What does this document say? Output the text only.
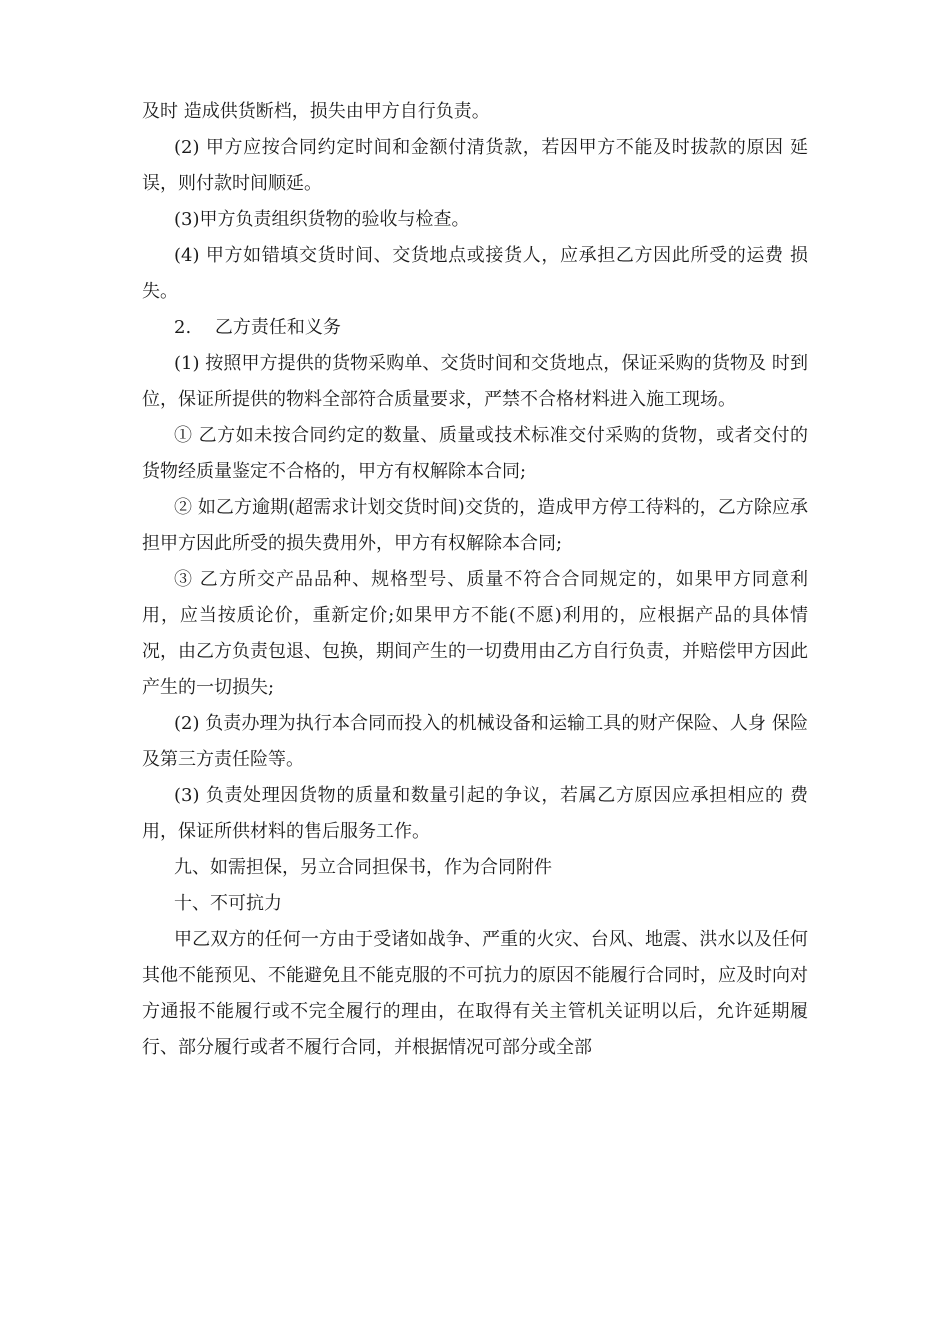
及时 造成供货断档，损失由甲方自行负责。

(2) 甲方应按合同约定时间和金额付清货款，若因甲方不能及时拔款的原因 延误，则付款时间顺延。

(3)甲方负责组织货物的验收与检查。

(4) 甲方如错填交货时间、交货地点或接货人，应承担乙方因此所受的运费 损失。

2.　 乙方责任和义务

(1) 按照甲方提供的货物采购单、交货时间和交货地点，保证采购的货物及 时到位，保证所提供的物料全部符合质量要求，严禁不合格材料进入施工现场。

① 乙方如未按合同约定的数量、质量或技术标准交付采购的货物，或者交付的货物经质量鉴定不合格的，甲方有权解除本合同;

② 如乙方逾期(超需求计划交货时间)交货的，造成甲方停工待料的，乙方除应承担甲方因此所受的损失费用外，甲方有权解除本合同;

③ 乙方所交产品品种、规格型号、质量不符合合同规定的，如果甲方同意利用，应当按质论价，重新定价;如果甲方不能(不愿)利用的，应根据产品的具体情况，由乙方负责包退、包换，期间产生的一切费用由乙方自行负责，并赔偿甲方因此产生的一切损失;

(2) 负责办理为执行本合同而投入的机械设备和运输工具的财产保险、人身 保险及第三方责任险等。

(3) 负责处理因货物的质量和数量引起的争议，若属乙方原因应承担相应的 费用，保证所供材料的售后服务工作。

九、如需担保，另立合同担保书，作为合同附件

十、不可抗力

甲乙双方的任何一方由于受诸如战争、严重的火灾、台风、地震、洪水以及任何其他不能预见、不能避免且不能克服的不可抗力的原因不能履行合同时，应及时向对方通报不能履行或不完全履行的理由，在取得有关主管机关证明以后，允许延期履行、部分履行或者不履行合同，并根据情况可部分或全部
